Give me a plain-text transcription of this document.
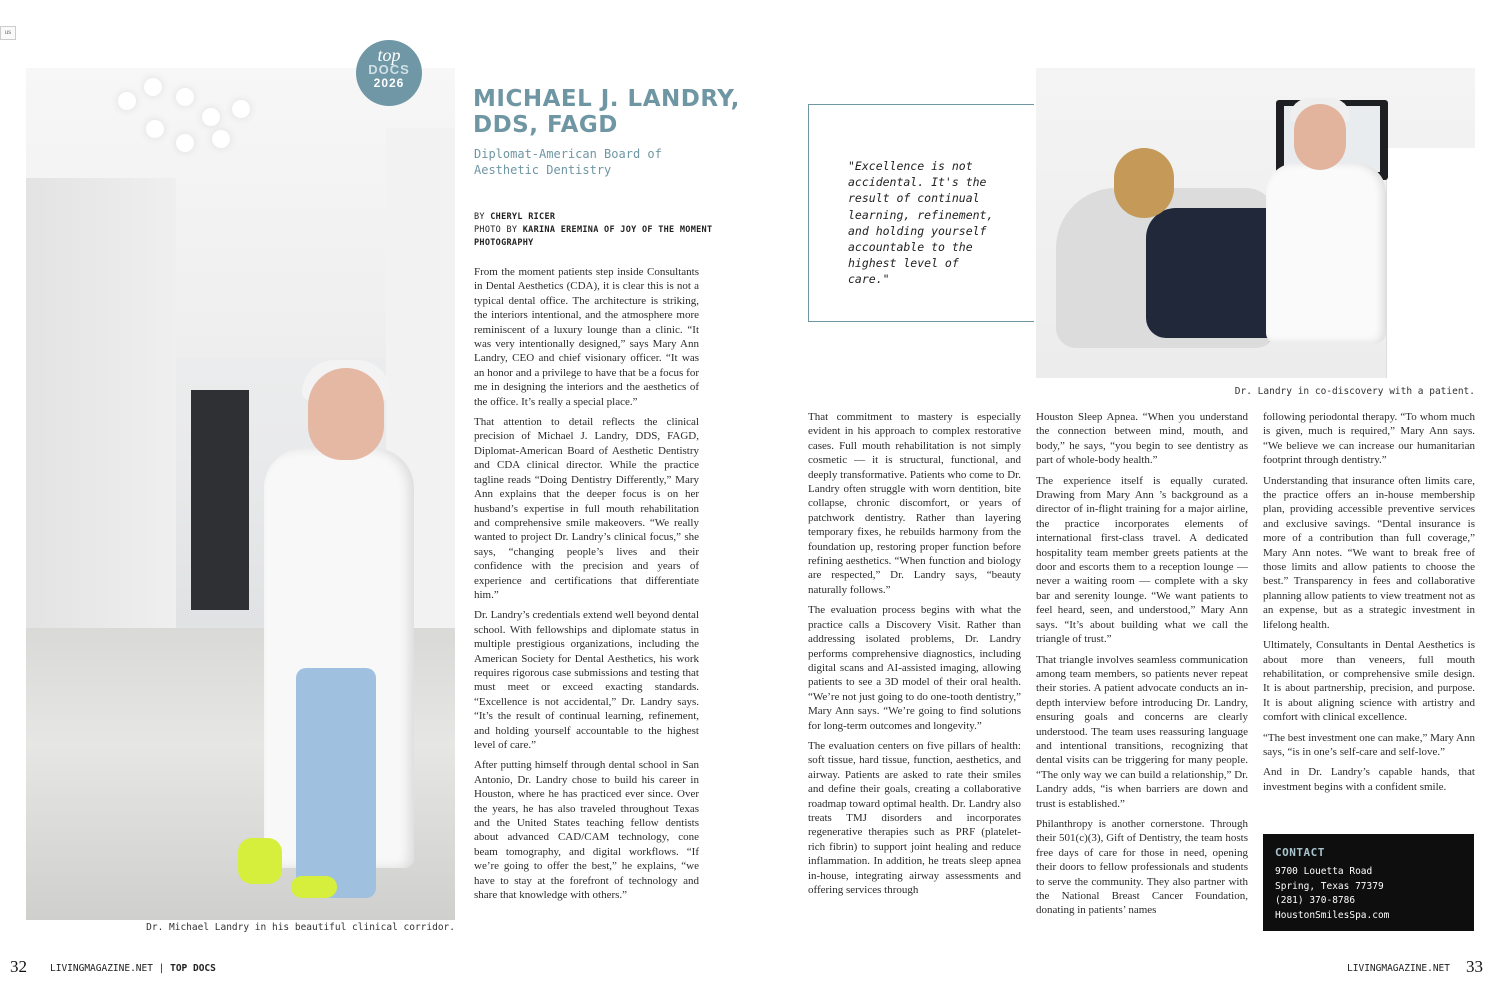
us
top
DOCS
2026
Dr. Michael Landry in his beautiful clinical corridor.
MICHAEL J. LANDRY, DDS, FAGD
Diplomat-American Board of Aesthetic Dentistry
BY CHERYL RICER
PHOTO BY KARINA EREMINA OF JOY OF THE MOMENT PHOTOGRAPHY

From the moment patients step inside Consultants in Dental Aesthetics (CDA), it is clear this is not a typical dental office. The architecture is striking, the interiors intentional, and the atmosphere more reminiscent of a luxury lounge than a clinic. “It was very intentionally designed,” says Mary Ann Landry, CEO and chief visionary officer. “It was an honor and a privilege to have that be a focus for me in designing the interiors and the aesthetics of the office. It’s really a special place.”

That attention to detail reflects the clinical precision of Michael J. Landry, DDS, FAGD, Diplomat-American Board of Aesthetic Dentistry and CDA clinical director. While the practice tagline reads “Doing Dentistry Differently,” Mary Ann explains that the deeper focus is on her husband’s expertise in full mouth rehabilitation and comprehensive smile makeovers. “We really wanted to project Dr. Landry’s clinical focus,” she says, “changing people’s lives and their confidence with the precision and years of experience and certifications that differentiate him.”

Dr. Landry’s credentials extend well beyond dental school. With fellowships and diplomate status in multiple prestigious organizations, including the American Society for Dental Aesthetics, his work requires rigorous case submissions and testing that must meet or exceed exacting standards. “Excellence is not accidental,” Dr. Landry says. “It’s the result of continual learning, refinement, and holding yourself accountable to the highest level of care.”

After putting himself through dental school in San Antonio, Dr. Landry chose to build his career in Houston, where he has practiced ever since. Over the years, he has also traveled throughout Texas and the United States teaching fellow dentists about advanced CAD/CAM technology, cone beam tomography, and digital workflows. “If we’re going to offer the best,” he explains, “we have to stay at the forefront of technology and share that knowledge with others.”

"Excellence is not accidental. It's the result of continual learning, refinement, and holding yourself accountable to the highest level of care."
Dr. Landry in co-discovery with a patient.

That commitment to mastery is especially evident in his approach to complex restorative cases. Full mouth rehabilitation is not simply cosmetic — it is structural, functional, and deeply transformative. Patients who come to Dr. Landry often struggle with worn dentition, bite collapse, chronic discomfort, or years of patchwork dentistry. Rather than layering temporary fixes, he rebuilds harmony from the foundation up, restoring proper function before refining aesthetics. “When function and biology are respected,” Dr. Landry says, “beauty naturally follows.”

The evaluation process begins with what the practice calls a Discovery Visit. Rather than addressing isolated problems, Dr. Landry performs comprehensive diagnostics, including digital scans and AI-assisted imaging, allowing patients to see a 3D model of their oral health. “We’re not just going to do one-tooth dentistry,” Mary Ann says. “We’re going to find solutions for long-term outcomes and longevity.”

The evaluation centers on five pillars of health: soft tissue, hard tissue, function, aesthetics, and airway. Patients are asked to rate their smiles and define their goals, creating a collaborative roadmap toward optimal health. Dr. Landry also treats TMJ disorders and incorporates regenerative therapies such as PRF (platelet-rich fibrin) to support joint healing and reduce inflammation. In addition, he treats sleep apnea in-house, integrating airway assessments and offering services through

Houston Sleep Apnea. “When you understand the connection between mind, mouth, and body,” he says, “you begin to see dentistry as part of whole-body health.”

The experience itself is equally curated. Drawing from Mary Ann ’s background as a director of in-flight training for a major airline, the practice incorporates elements of international first-class travel. A dedicated hospitality team member greets patients at the door and escorts them to a reception lounge — never a waiting room — complete with a sky bar and serenity lounge. “We want patients to feel heard, seen, and understood,” Mary Ann says. “It’s about building what we call the triangle of trust.”

That triangle involves seamless communication among team members, so patients never repeat their stories. A patient advocate conducts an in-depth interview before introducing Dr. Landry, ensuring goals and concerns are clearly understood. The team uses reassuring language and intentional transitions, recognizing that dental visits can be triggering for many people. “The only way we can build a relationship,” Dr. Landry adds, “is when barriers are down and trust is established.”

Philanthropy is another cornerstone. Through their 501(c)(3), Gift of Dentistry, the team hosts free days of care for those in need, opening their doors to fellow professionals and students to serve the community. They also partner with the National Breast Cancer Foundation, donating in patients’ names

following periodontal therapy. “To whom much is given, much is required,” Mary Ann says. “We believe we can increase our humanitarian footprint through dentistry.”

Understanding that insurance often limits care, the practice offers an in-house membership plan, providing accessible preventive services and exclusive savings. “Dental insurance is more of a contribution than full coverage,” Mary Ann notes. “We want to break free of those limits and allow patients to choose the best.” Transparency in fees and collaborative planning allow patients to view treatment not as an expense, but as a strategic investment in lifelong health.

Ultimately, Consultants in Dental Aesthetics is about more than veneers, full mouth rehabilitation, or comprehensive smile design. It is about partnership, precision, and purpose. It is about aligning science with artistry and comfort with clinical excellence.

“The best investment one can make,” Mary Ann says, “is in one’s self-care and self-love.”

And in Dr. Landry’s capable hands, that investment begins with a confident smile.

CONTACT
9700 Louetta Road
Spring, Texas 77379
(281) 370-8786
HoustonSmilesSpa.com
32 LIVINGMAGAZINE.NET | TOP DOCS	LIVINGMAGAZINE.NET 33
